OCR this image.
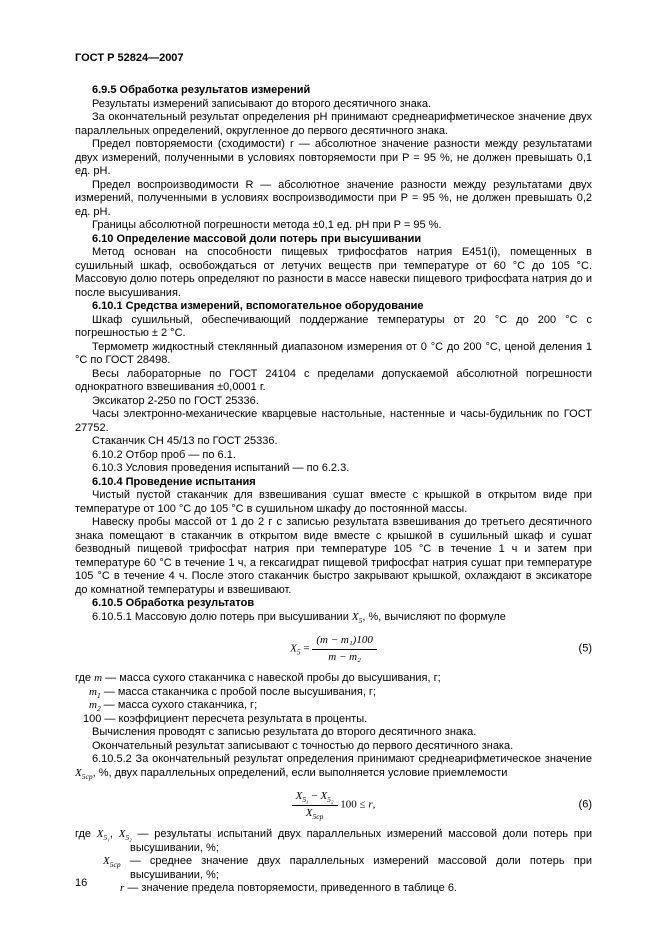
ГОСТ Р 52824—2007

6.9.5 Обработка результатов измерений

Результаты измерений записывают до второго десятичного знака.

За окончательный результат определения pH принимают среднеарифметическое значение двух параллельных определений, округленное до первого десятичного знака.

Предел повторяемости (сходимости) r — абсолютное значение разности между результатами двух измерений, полученными в условиях повторяемости при P = 95 %, не должен превышать 0,1 ед. pH.

Предел воспроизводимости R — абсолютное значение разности между результатами двух измерений, полученными в условиях воспроизводимости при P = 95 %, не должен превышать 0,2 ед. pH.

Границы абсолютной погрешности метода ±0,1 ед. pH при P = 95 %.

6.10 Определение массовой доли потерь при высушивании

Метод основан на способности пищевых трифосфатов натрия E451(i), помещенных в сушильный шкаф, освобождаться от летучих веществ при температуре от 60 °С до 105 °С. Массовую долю потерь определяют по разности в массе навески пищевого трифосфата натрия до и после высушивания.

6.10.1 Средства измерений, вспомогательное оборудование

Шкаф сушильный, обеспечивающий поддержание температуры от 20 °С до 200 °С с погрешностью ± 2 °С.

Термометр жидкостный стеклянный диапазоном измерения от 0 °С до 200 °С, ценой деления 1 °С по ГОСТ 28498.

Весы лабораторные по ГОСТ 24104 с пределами допускаемой абсолютной погрешности однократного взвешивания ±0,0001 г.

Эксикатор 2-250 по ГОСТ 25336.

Часы электронно-механические кварцевые настольные, настенные и часы-будильник по ГОСТ 27752.

Стаканчик СН 45/13 по ГОСТ 25336.

6.10.2 Отбор проб — по 6.1.

6.10.3 Условия проведения испытаний — по 6.2.3.

6.10.4 Проведение испытания

Чистый пустой стаканчик для взвешивания сушат вместе с крышкой в открытом виде при температуре от 100 °С до 105 °С в сушильном шкафу до постоянной массы.

Навеску пробы массой от 1 до 2 г с записью результата взвешивания до третьего десятичного знака помещают в стаканчик в открытом виде вместе с крышкой в сушильный шкаф и сушат безводный пищевой трифосфат натрия при температуре 105 °С в течение 1 ч и затем при температуре 60 °С в течение 1 ч, а гексагидрат пищевой трифосфат натрия сушат при температуре 105 °С в течение 4 ч. После этого стаканчик быстро закрывают крышкой, охлаждают в эксикаторе до комнатной температуры и взвешивают.

6.10.5 Обработка результатов

6.10.5.1 Массовую долю потерь при высушивании $X_5$, %, вычисляют по формуле

$X_5 = \frac{\text{(m − m₁)100}}{\text{m − m₂}}$	(5)
где m — масса сухого стаканчика с навеской пробы до высушивания, г;
$m_1$ — масса стаканчика с пробой после высушивания, г;
$m_2$ — масса сухого стаканчика, г;
100 — коэффициент пересчета результата в проценты.

Вычисления проводят с записью результата до второго десятичного знака.

Окончательный результат записывают с точностью до первого десятичного знака.

6.10.5.2 За окончательный результат определения принимают среднеарифметическое значение $X_{5ср}$, %, двух параллельных определений, если выполняется условие приемлемости

$\frac{X_{5_1} - X_{5_2}}{X_{5ср}} 100 \le r$,	(6)
где $X_{5_1}$, $X_{5_2}$ — результаты испытаний двух параллельных измерений массовой доли потерь при высушивании, %;
$X_{5ср}$ — среднее значение двух параллельных измерений массовой доли потерь при высушивании, %;
r — значение предела повторяемости, приведенного в таблице 6.
16
